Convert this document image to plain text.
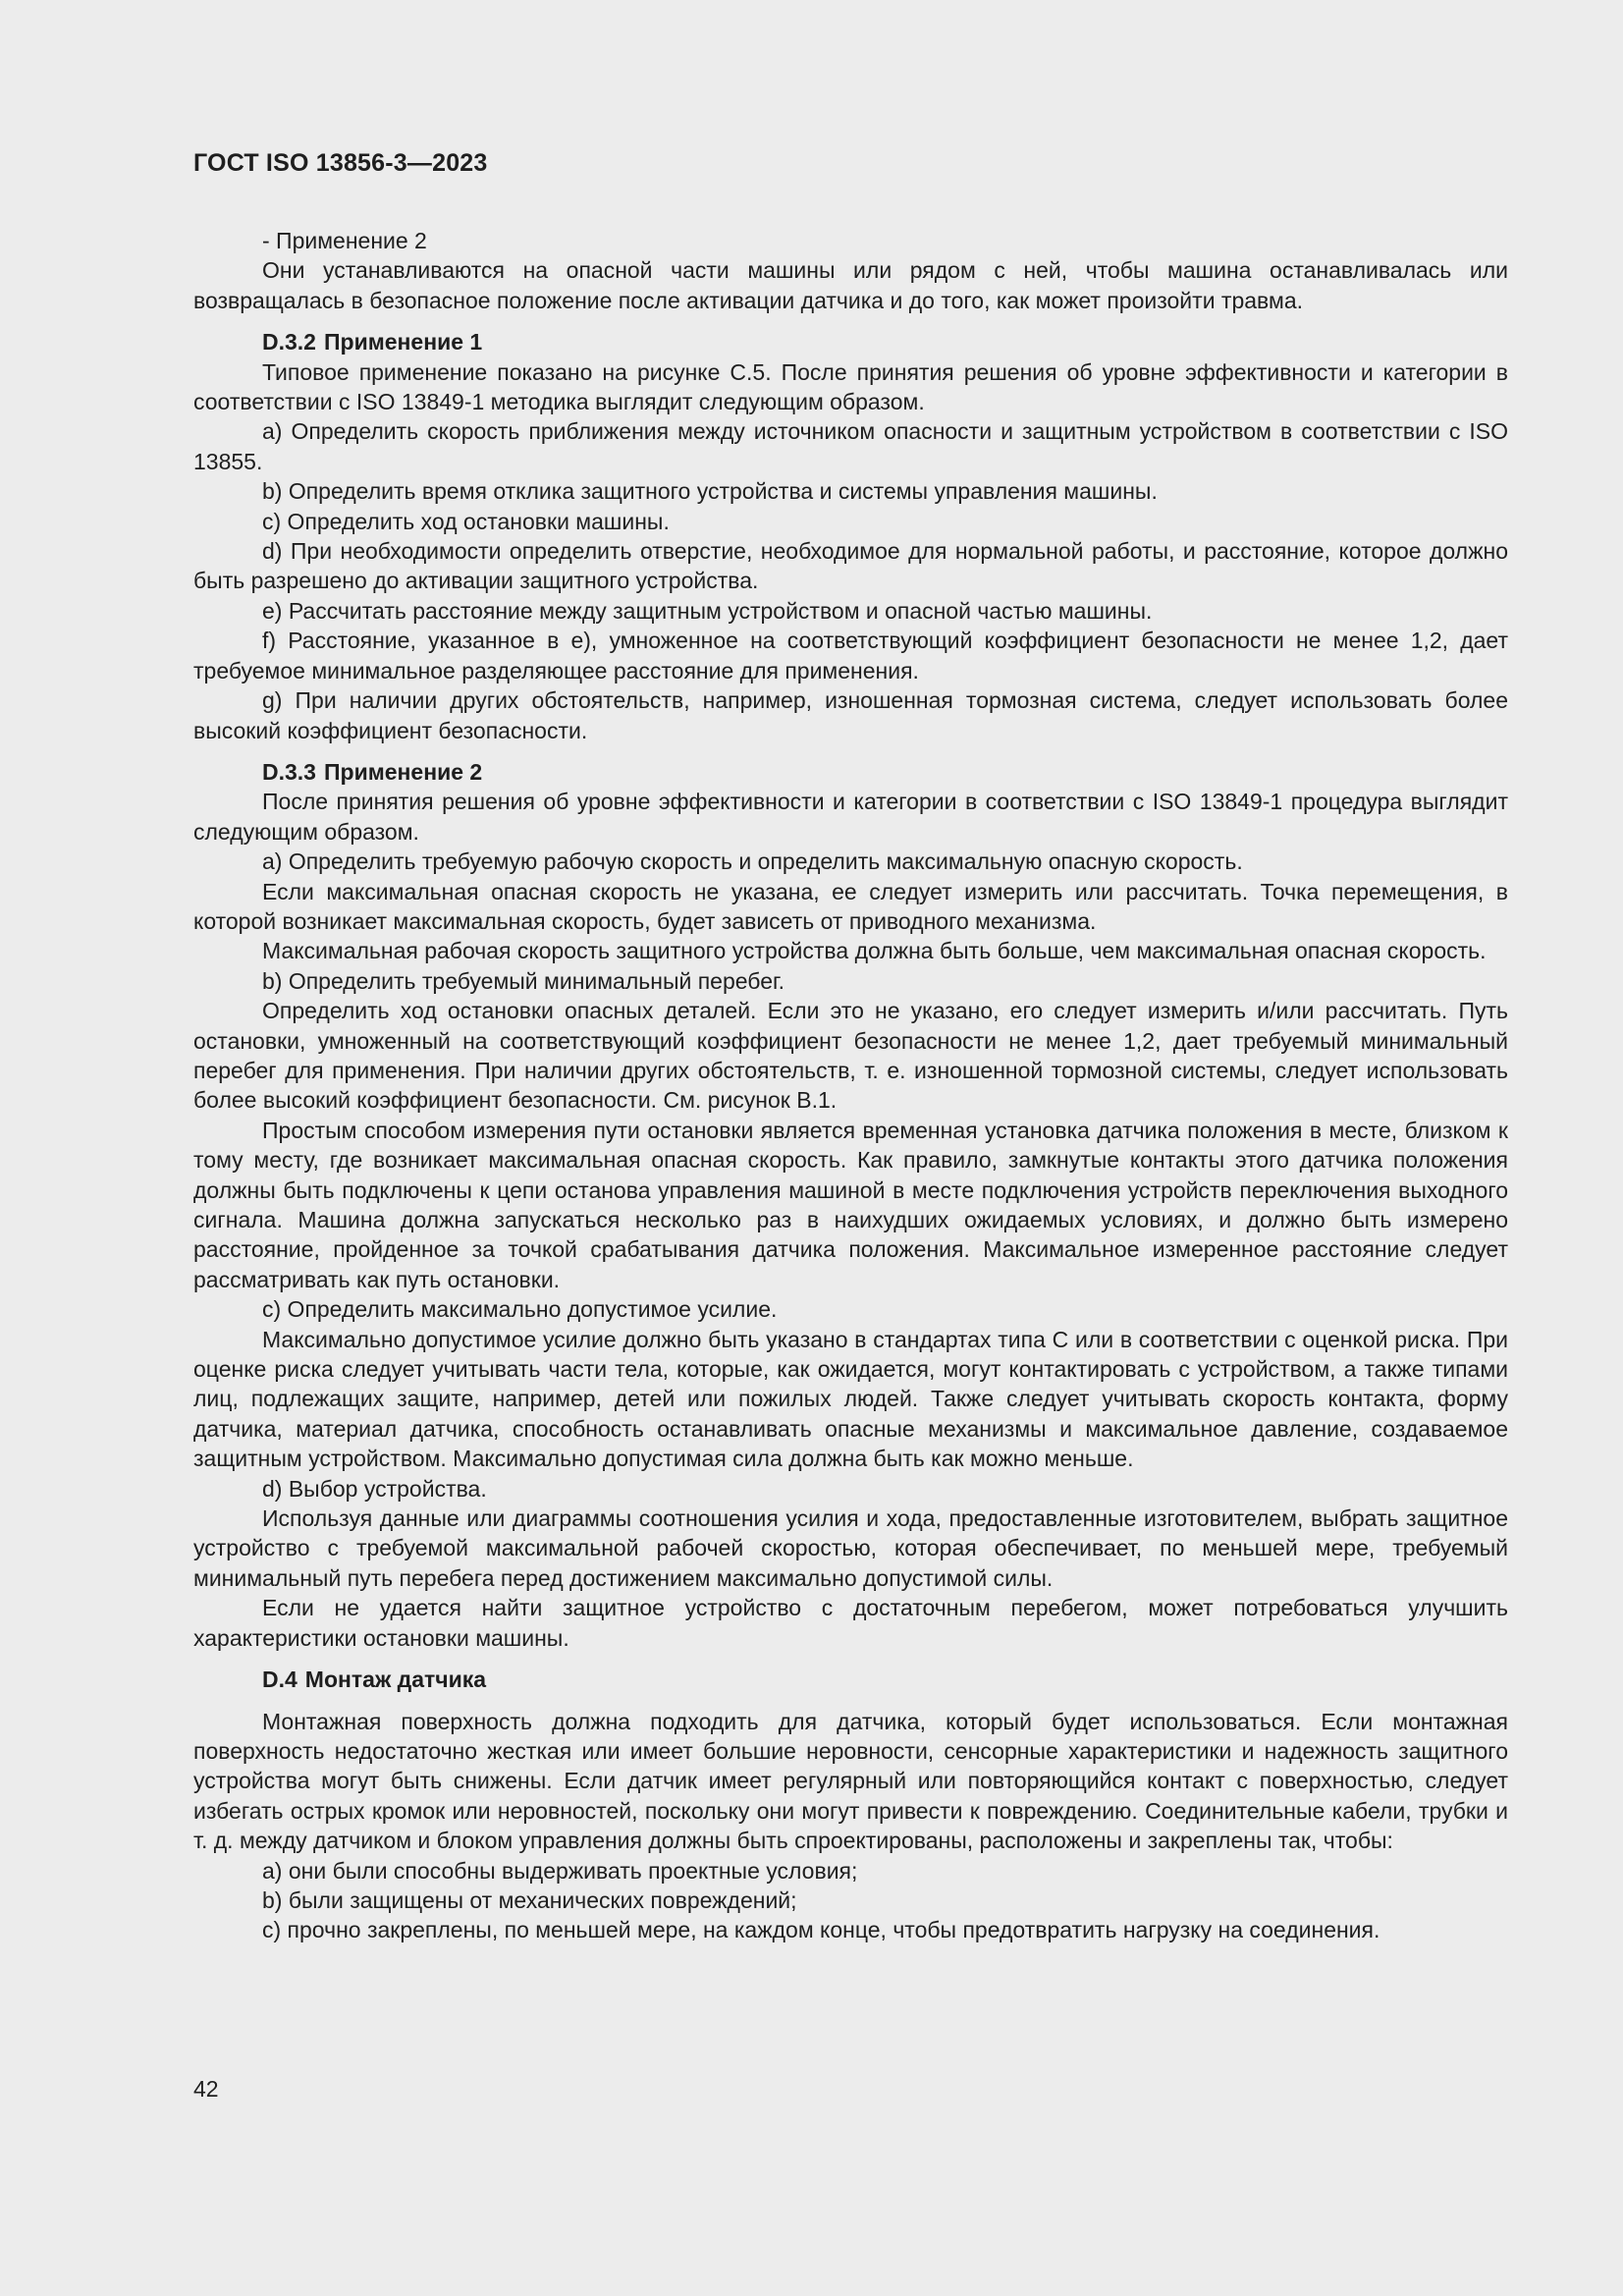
ГОСТ ISO 13856-3—2023

- Применение 2

Они устанавливаются на опасной части машины или рядом с ней, чтобы машина останавливалась или возвращалась в безопасное положение после активации датчика и до того, как может произойти травма.

D.3.2 Применение 1

Типовое применение показано на рисунке С.5. После принятия решения об уровне эффективности и категории в соответствии с ISO 13849-1 методика выглядит следующим образом.

a) Определить скорость приближения между источником опасности и защитным устройством в соответствии с ISO 13855.

b) Определить время отклика защитного устройства и системы управления машины.

c) Определить ход остановки машины.

d) При необходимости определить отверстие, необходимое для нормальной работы, и расстояние, которое должно быть разрешено до активации защитного устройства.

e) Рассчитать расстояние между защитным устройством и опасной частью машины.

f) Расстояние, указанное в е), умноженное на соответствующий коэффициент безопасности не менее 1,2, дает требуемое минимальное разделяющее расстояние для применения.

g) При наличии других обстоятельств, например, изношенная тормозная система, следует использовать более высокий коэффициент безопасности.

D.3.3 Применение 2

После принятия решения об уровне эффективности и категории в соответствии с ISO 13849-1 процедура выглядит следующим образом.

a) Определить требуемую рабочую скорость и определить максимальную опасную скорость.

Если максимальная опасная скорость не указана, ее следует измерить или рассчитать. Точка перемещения, в которой возникает максимальная скорость, будет зависеть от приводного механизма.

Максимальная рабочая скорость защитного устройства должна быть больше, чем максимальная опасная скорость.

b) Определить требуемый минимальный перебег.

Определить ход остановки опасных деталей. Если это не указано, его следует измерить и/или рассчитать. Путь остановки, умноженный на соответствующий коэффициент безопасности не менее 1,2, дает требуемый минимальный перебег для применения. При наличии других обстоятельств, т. е. изношенной тормозной системы, следует использовать более высокий коэффициент безопасности. См. рисунок В.1.

Простым способом измерения пути остановки является временная установка датчика положения в месте, близком к тому месту, где возникает максимальная опасная скорость. Как правило, замкнутые контакты этого датчика положения должны быть подключены к цепи останова управления машиной в месте подключения устройств переключения выходного сигнала. Машина должна запускаться несколько раз в наихудших ожидаемых условиях, и должно быть измерено расстояние, пройденное за точкой срабатывания датчика положения. Максимальное измеренное расстояние следует рассматривать как путь остановки.

c) Определить максимально допустимое усилие.

Максимально допустимое усилие должно быть указано в стандартах типа С или в соответствии с оценкой риска. При оценке риска следует учитывать части тела, которые, как ожидается, могут контактировать с устройством, а также типами лиц, подлежащих защите, например, детей или пожилых людей. Также следует учитывать скорость контакта, форму датчика, материал датчика, способность останавливать опасные механизмы и максимальное давление, создаваемое защитным устройством. Максимально допустимая сила должна быть как можно меньше.

d) Выбор устройства.

Используя данные или диаграммы соотношения усилия и хода, предоставленные изготовителем, выбрать защитное устройство с требуемой максимальной рабочей скоростью, которая обеспечивает, по меньшей мере, требуемый минимальный путь перебега перед достижением максимально допустимой силы.

Если не удается найти защитное устройство с достаточным перебегом, может потребоваться улучшить характеристики остановки машины.

D.4 Монтаж датчика

Монтажная поверхность должна подходить для датчика, который будет использоваться. Если монтажная поверхность недостаточно жесткая или имеет большие неровности, сенсорные характеристики и надежность защитного устройства могут быть снижены. Если датчик имеет регулярный или повторяющийся контакт с поверхностью, следует избегать острых кромок или неровностей, поскольку они могут привести к повреждению. Соединительные кабели, трубки и т. д. между датчиком и блоком управления должны быть спроектированы, расположены и закреплены так, чтобы:

a) они были способны выдерживать проектные условия;

b) были защищены от механических повреждений;

c) прочно закреплены, по меньшей мере, на каждом конце, чтобы предотвратить нагрузку на соединения.

42
